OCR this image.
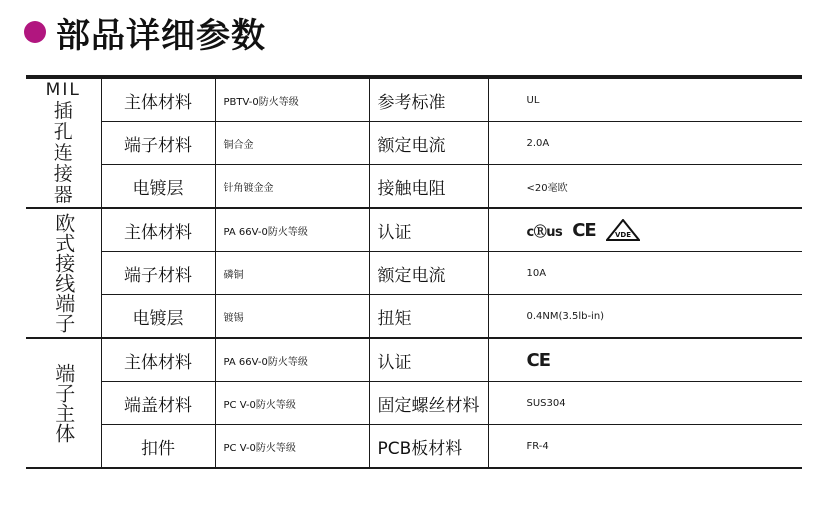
部品详细参数
MIL
插孔连接器	主体材料	PBTV-0防火等级	参考标准	UL
	端子材料	铜合金	额定电流	2.0A
	电镀层	针角镀金金	接触电阻	<20毫欧
欧式接线端子	主体材料	PA 66V-0防火等级	认证	cⓇus CE VDE

	端子材料	磷铜	额定电流	10A
	电镀层	镀锡	扭矩	0.4NM(3.5lb-in)
端子主体	主体材料	PA 66V-0防火等级	认证	CE
	端盖材料	PC V-0防火等级	固定螺丝材料	SUS304
	扣件	PC V-0防火等级	PCB板材料	FR-4
